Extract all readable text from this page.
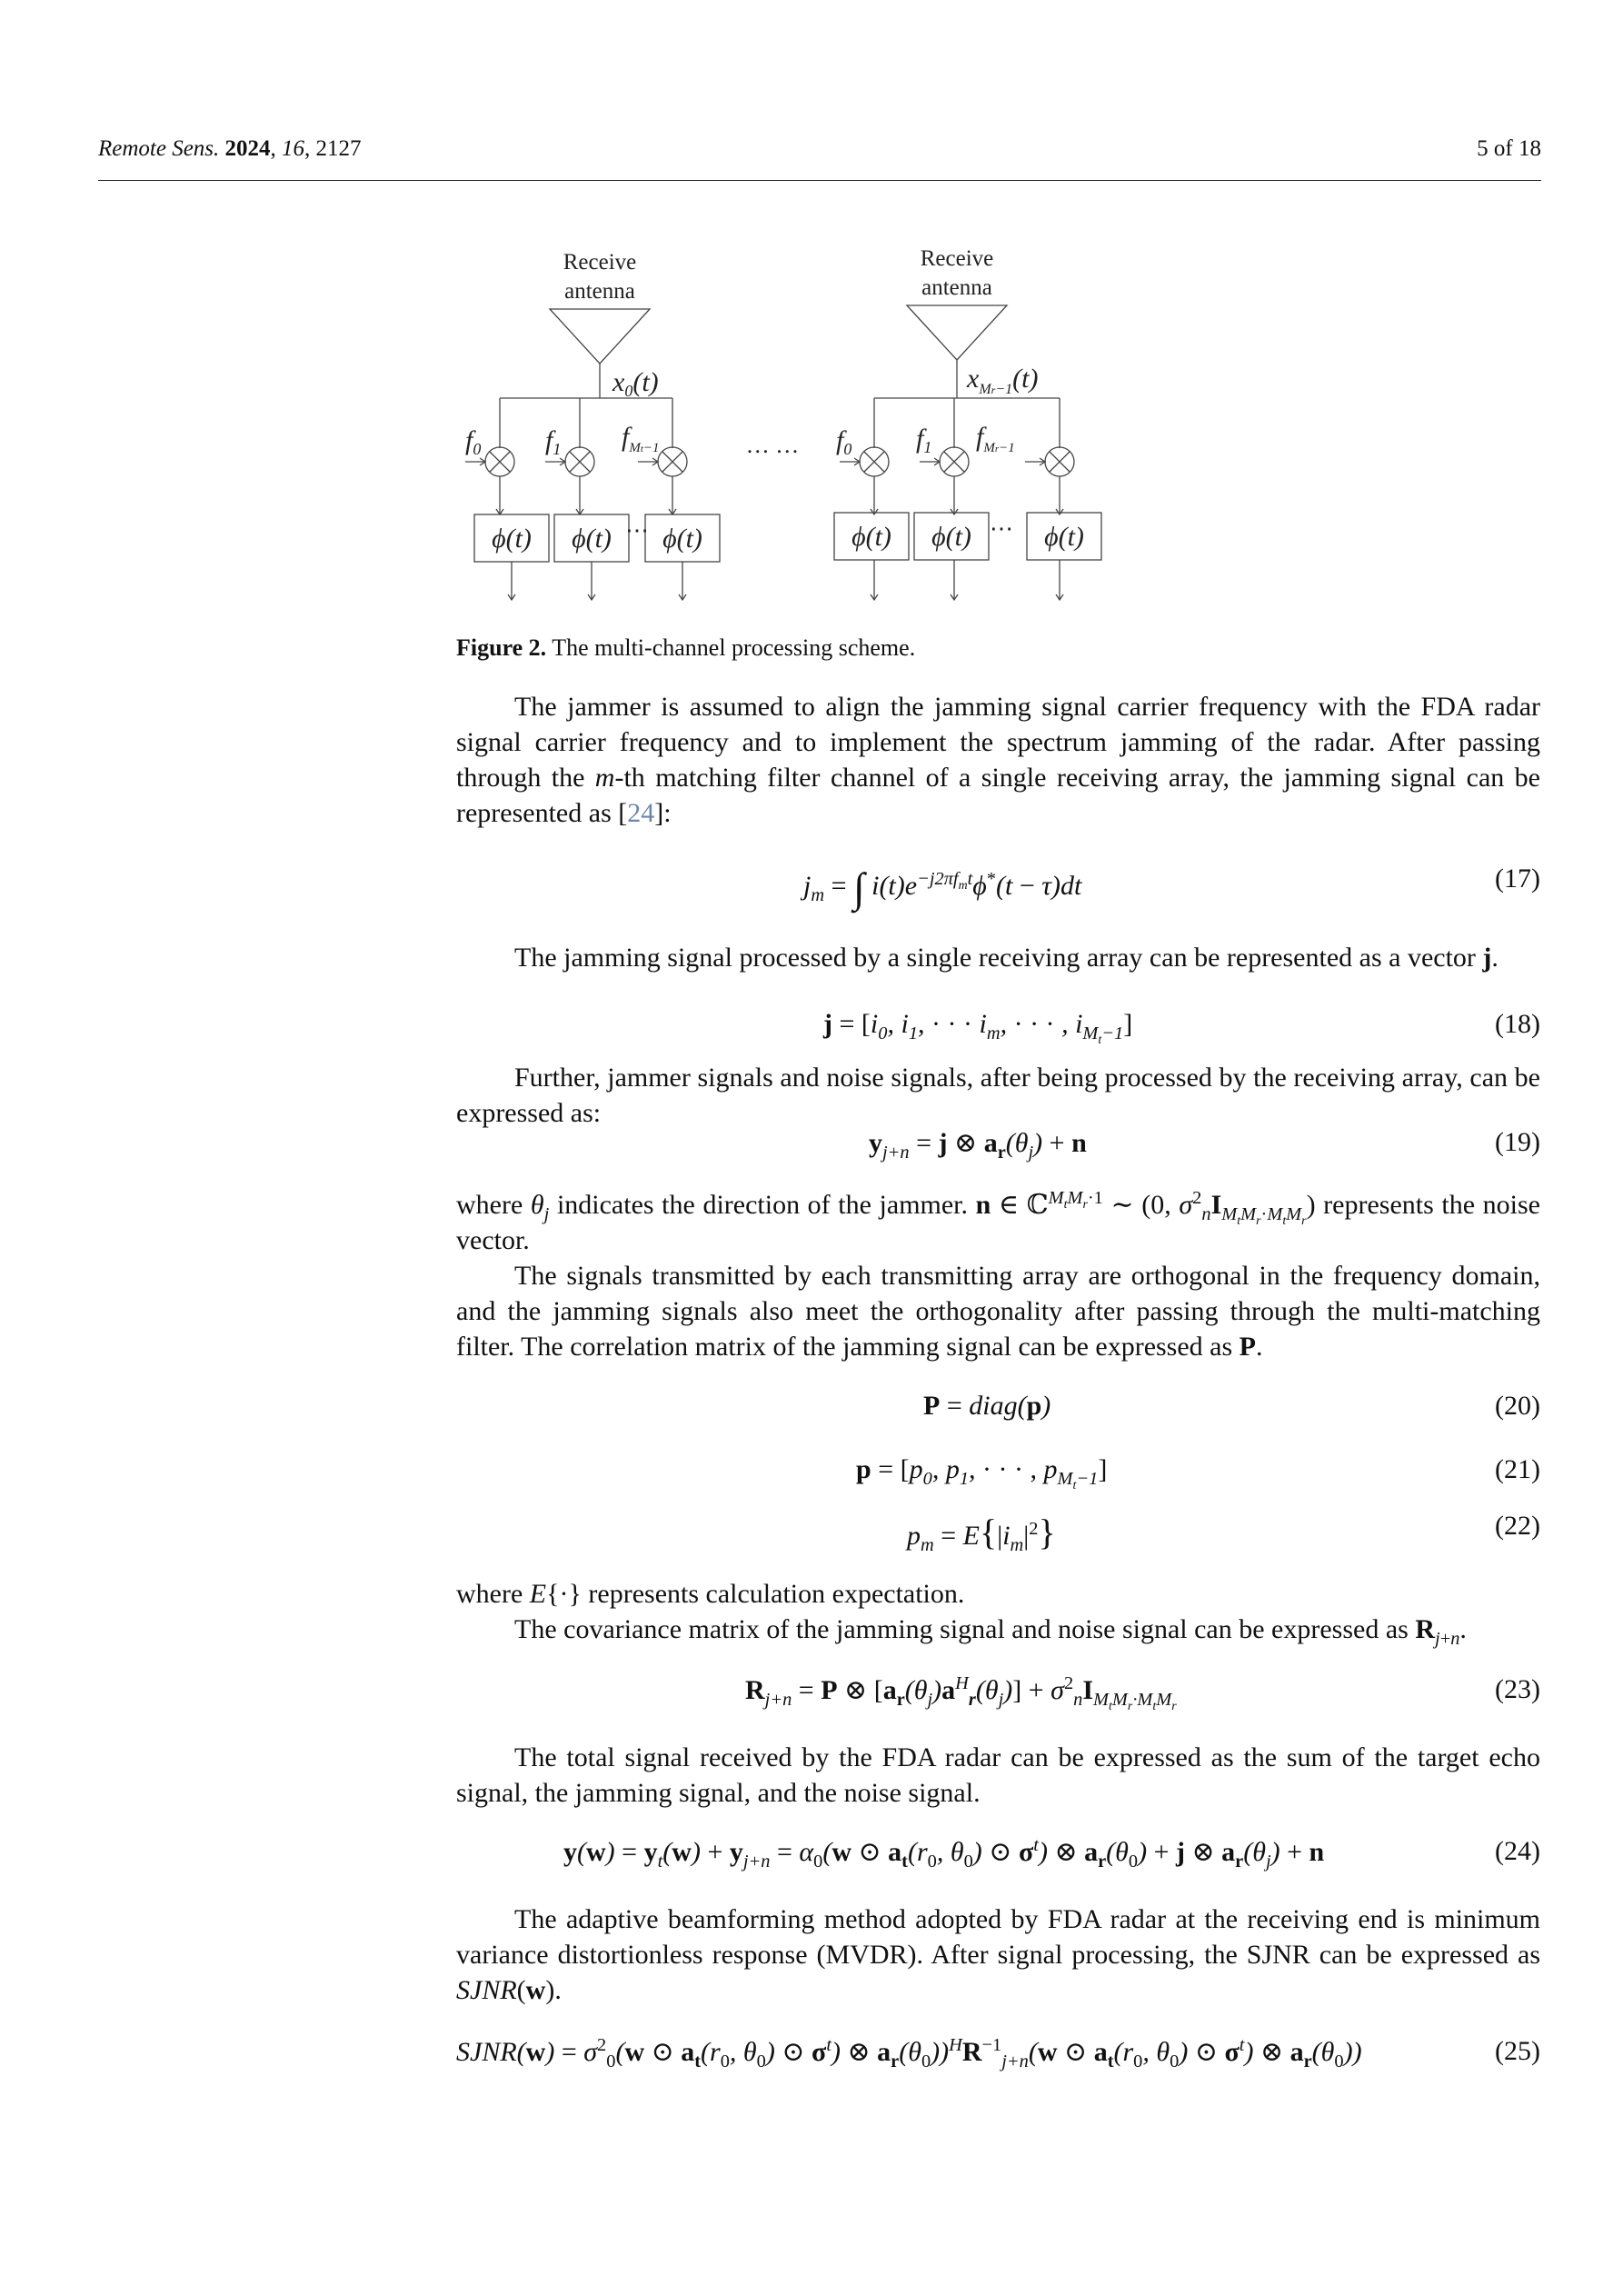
Remote Sens. 2024, 16, 2127	5 of 18
Receive
antenna
Receive
antenna
$x_0(t)$	$x_{Mr-1}(t)$
$f_0$ $f_1$ $f_{Mt-1}$	$f_0$ $f_1$ $f_{Mr-1}$
ϕ(t) ϕ(t) ϕ(t)	ϕ(t) ϕ(t)	ϕ(t)
… …
⋯	⋯
Figure 2. The multi-channel processing scheme.
The jammer is assumed to align the jamming signal carrier frequency with the FDA radar signal carrier frequency and to implement the spectrum jamming of the radar. After passing through the m-th matching filter channel of a single receiving array, the jamming signal can be represented as [24]:
$j_m$ = ∫ $i(t)e^{-j2\pi f_mt}\phi^*(t - \tau)dt$	(17)
The jamming signal processed by a single receiving array can be represented as a vector j.
$j = [i_0$, $i_1$, · · · $i_m$, · · · , $i_{M_t-1}$]	(18)
Further, jammer signals and noise signals, after being processed by the receiving array, can be expressed as:
$y_{j+n} = j$ ⊗ $a_r(\theta_j) + n$	(19)
where $\theta_j$ indicates the direction of the jammer. n ∈ ℂ$^{M_tM_r\cdot 1}$ ∼ (0, $\sigma^2_nI_{M_tM_r\cdot M_tM_r}$) represents the noise vector.
The signals transmitted by each transmitting array are orthogonal in the frequency domain, and the jamming signals also meet the orthogonality after passing through the multi-matching filter. The correlation matrix of the jamming signal can be expressed as P.
P = diag(p)	(20)
$p = [p_0$, $p_1$, · · · , $p_{M_t-1}$]	(21)
$p_m = E\{|i_m|^2\}$	(22)
where E{·} represents calculation expectation.
The covariance matrix of the jamming signal and noise signal can be expressed as $R_{j+n}$.
$R_{j+n} = P$ ⊗ $[a_r(\theta_j)a^H_r(\theta_j)] + \sigma^2_nI_{M_tM_r\cdot M_tM_r}$
(23)
The total signal received by the FDA radar can be expressed as the sum of the target echo signal, the jamming signal, and the noise signal.
$y(w) = y_t(w) + y_{j+n} = \alpha_0(w$ ⊙ $a_t(r_0$, $\theta_0$) ⊙ $\sigma^t$) ⊗ $a_r(\theta_0) + j$ ⊗ $a_r(\theta_j) + n$	(24)
The adaptive beamforming method adopted by FDA radar at the receiving end is minimum variance distortionless response (MVDR). After signal processing, the SJNR can be expressed as SJNR(w).
SJNR(w) = $\sigma^2_0(w$ ⊙ $a_t(r_0$, $\theta_0$) ⊙ $\sigma^t$) ⊗ $a_r(\theta_0))^HR^{-1}_{j+n}(w$ ⊙ $a_t(r_0$, $\theta_0$) ⊙ $\sigma^t$) ⊗ $a_r(\theta_0)$)	(25)
